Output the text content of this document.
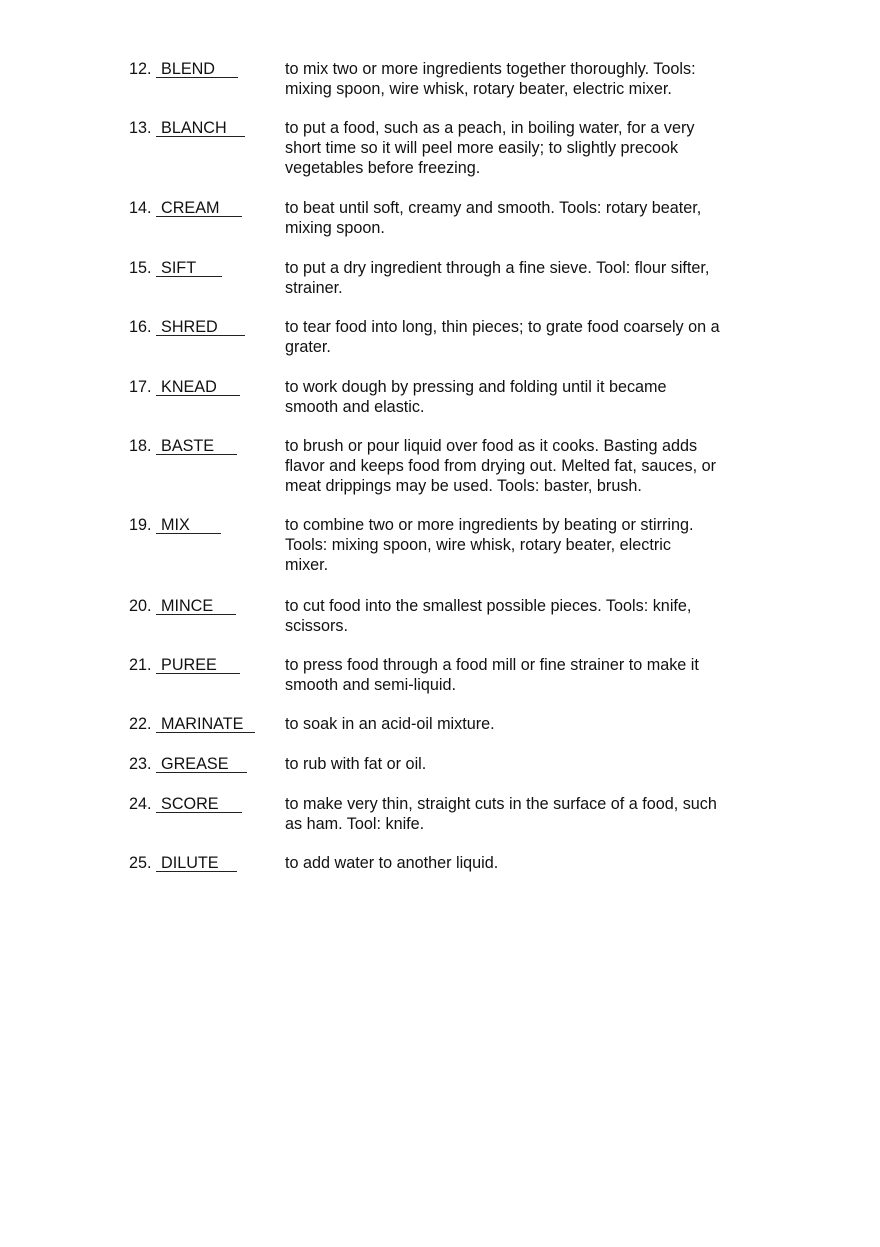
12. BLEND	to mix two or more ingredients together thoroughly. Tools:
mixing spoon, wire whisk, rotary beater, electric mixer.
13. BLANCH	to put a food, such as a peach, in boiling water, for a very
short time so it will peel more easily; to slightly precook
vegetables before freezing.
14. CREAM	to beat until soft, creamy and smooth. Tools: rotary beater,
mixing spoon.
15. SIFT	to put a dry ingredient through a fine sieve. Tool: flour sifter,
strainer.
16. SHRED	to tear food into long, thin pieces; to grate food coarsely on a
grater.
17. KNEAD	to work dough by pressing and folding until it became
smooth and elastic.
18. BASTE	to brush or pour liquid over food as it cooks. Basting adds
flavor and keeps food from drying out. Melted fat, sauces, or
meat drippings may be used. Tools: baster, brush.
19. MIX	to combine two or more ingredients by beating or stirring.
Tools: mixing spoon, wire whisk, rotary beater, electric
mixer.
20. MINCE	to cut food into the smallest possible pieces. Tools: knife,
scissors.
21. PUREE	to press food through a food mill or fine strainer to make it
smooth and semi-liquid.
22. MARINATE	to soak in an acid-oil mixture.
23. GREASE	to rub with fat or oil.
24. SCORE	to make very thin, straight cuts in the surface of a food, such
as ham. Tool: knife.
25. DILUTE	to add water to another liquid.
